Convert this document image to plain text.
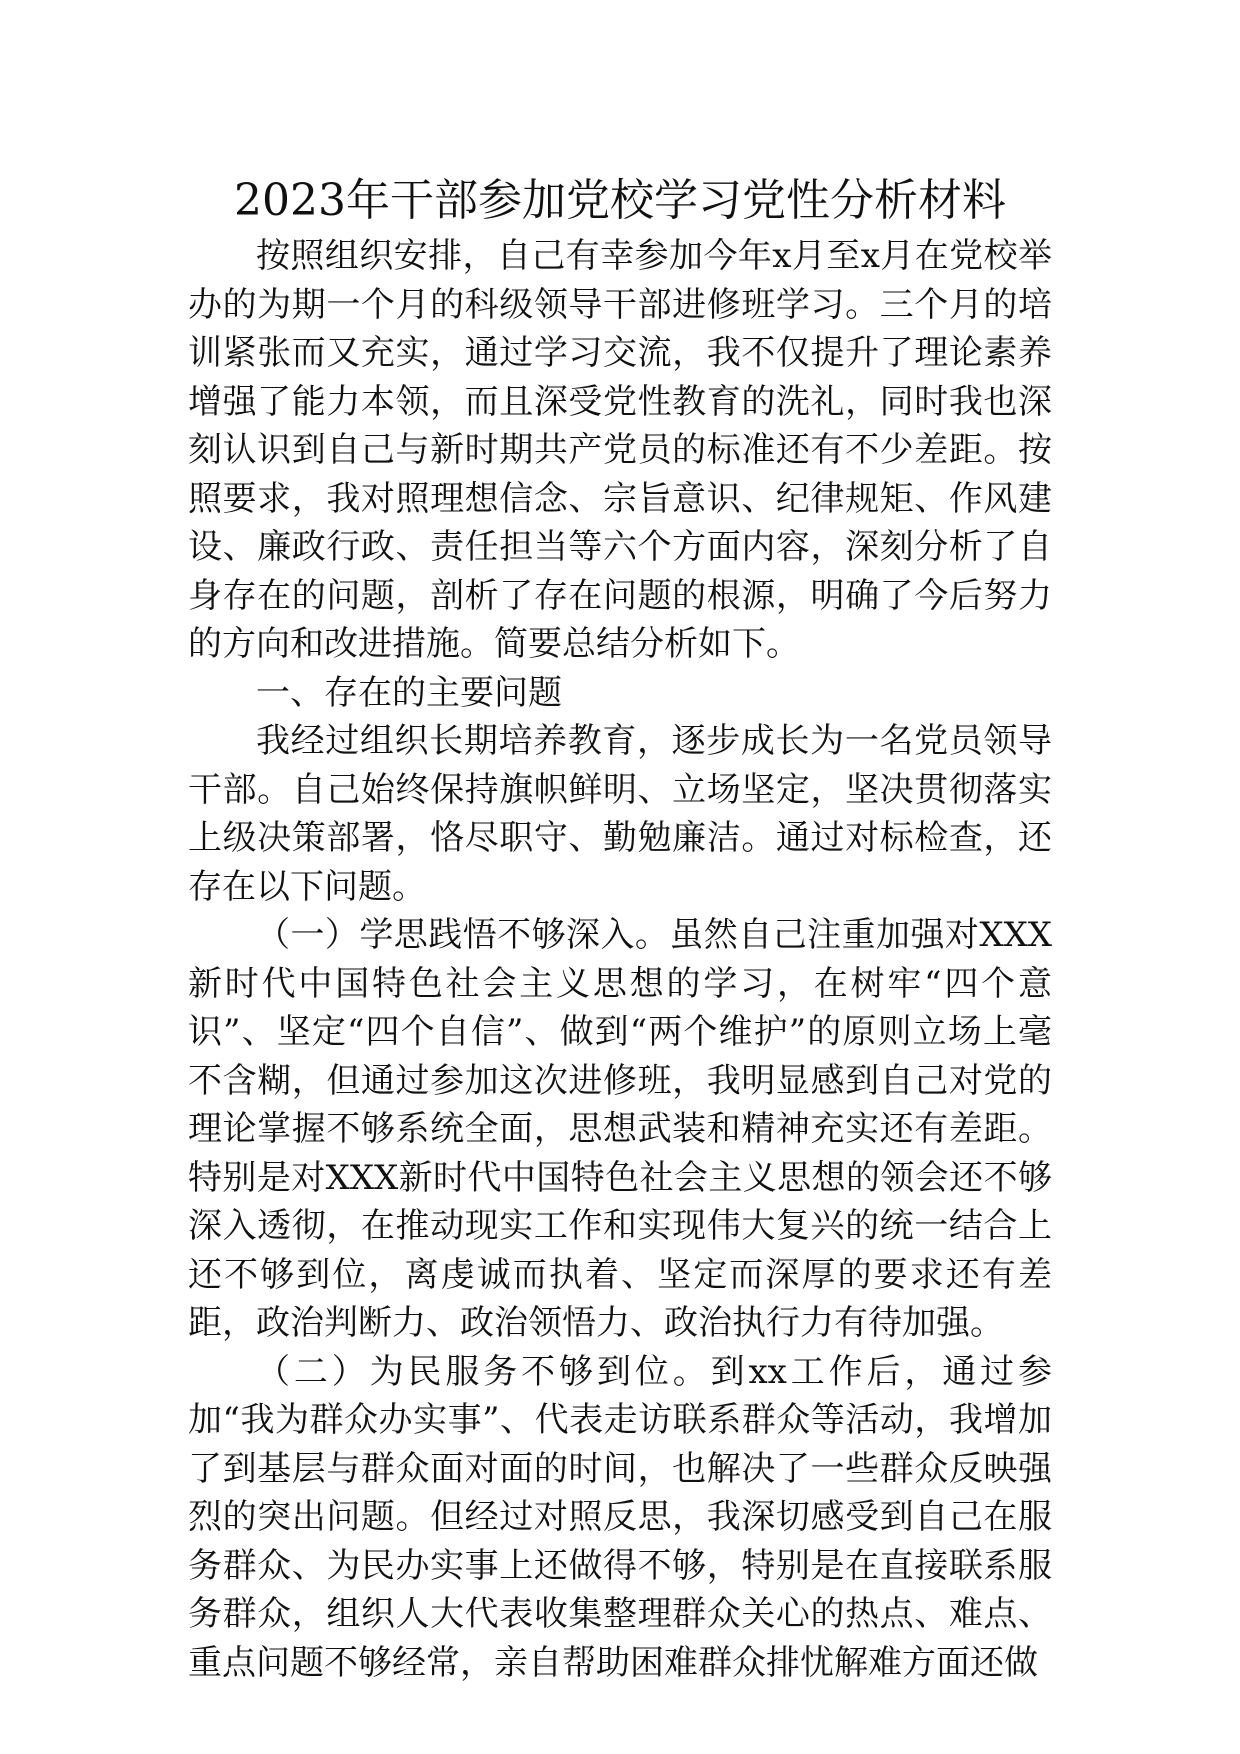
2023年干部参加党校学习党性分析材料

按照组织安排，自己有幸参加今年x月至x月在党校举办的为期一个月的科级领导干部进修班学习。三个月的培训紧张而又充实，通过学习交流，我不仅提升了理论素养增强了能力本领，而且深受党性教育的洗礼，同时我也深刻认识到自己与新时期共产党员的标准还有不少差距。按照要求，我对照理想信念、宗旨意识、纪律规矩、作风建设、廉政行政、责任担当等六个方面内容，深刻分析了自身存在的问题，剖析了存在问题的根源，明确了今后努力的方向和改进措施。简要总结分析如下。

一、存在的主要问题

我经过组织长期培养教育，逐步成长为一名党员领导干部。自己始终保持旗帜鲜明、立场坚定，坚决贯彻落实上级决策部署，恪尽职守、勤勉廉洁。通过对标检查，还存在以下问题。

（一）学思践悟不够深入。虽然自己注重加强对XXX新时代中国特色社会主义思想的学习，在树牢“四个意识”、坚定“四个自信”、做到“两个维护”的原则立场上毫不含糊，但通过参加这次进修班，我明显感到自己对党的理论掌握不够系统全面，思想武装和精神充实还有差距。特别是对XXX新时代中国特色社会主义思想的领会还不够深入透彻，在推动现实工作和实现伟大复兴的统一结合上还不够到位，离虔诚而执着、坚定而深厚的要求还有差距，政治判断力、政治领悟力、政治执行力有待加强。

（二）为民服务不够到位。到xx工作后，通过参加“我为群众办实事”、代表走访联系群众等活动，我增加了到基层与群众面对面的时间，也解决了一些群众反映强烈的突出问题。但经过对照反思，我深切感受到自己在服务群众、为民办实事上还做得不够，特别是在直接联系服务群众，组织人大代表收集整理群众关心的热点、难点、重点问题不够经常，亲自帮助困难群众排忧解难方面还做
